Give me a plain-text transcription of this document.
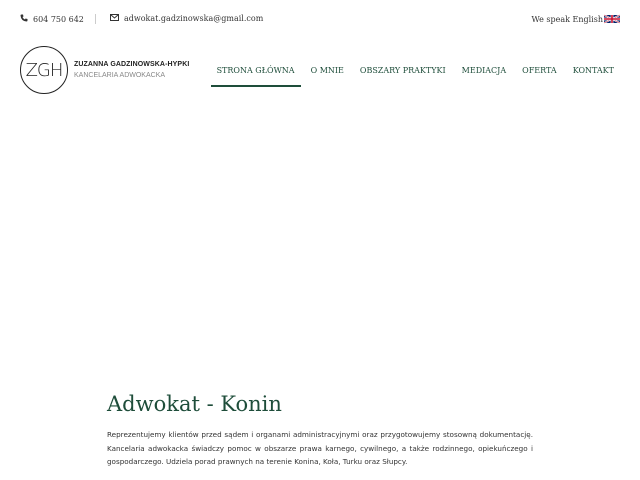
604 750 642	adwokat.gadzinowska@gmail.com	We speak English
ZGH	ZUZANNA GADZINOWSKA-HYPKI
KANCELARIA ADWOKACKA
STRONA GŁÓWNA	O MNIE	OBSZARY PRAKTYKI	MEDIACJA	OFERTA	KONTAKT
Adwokat - Konin

Reprezentujemy klientów przed sądem i organami administracyjnymi oraz przygotowujemy stosowną dokumentację. Kancelaria adwokacka świadczy pomoc w obszarze prawa karnego, cywilnego, a także rodzinnego, opiekuńczego i gospodarczego. Udziela porad prawnych na terenie Konina, Koła, Turku oraz Słupcy.
